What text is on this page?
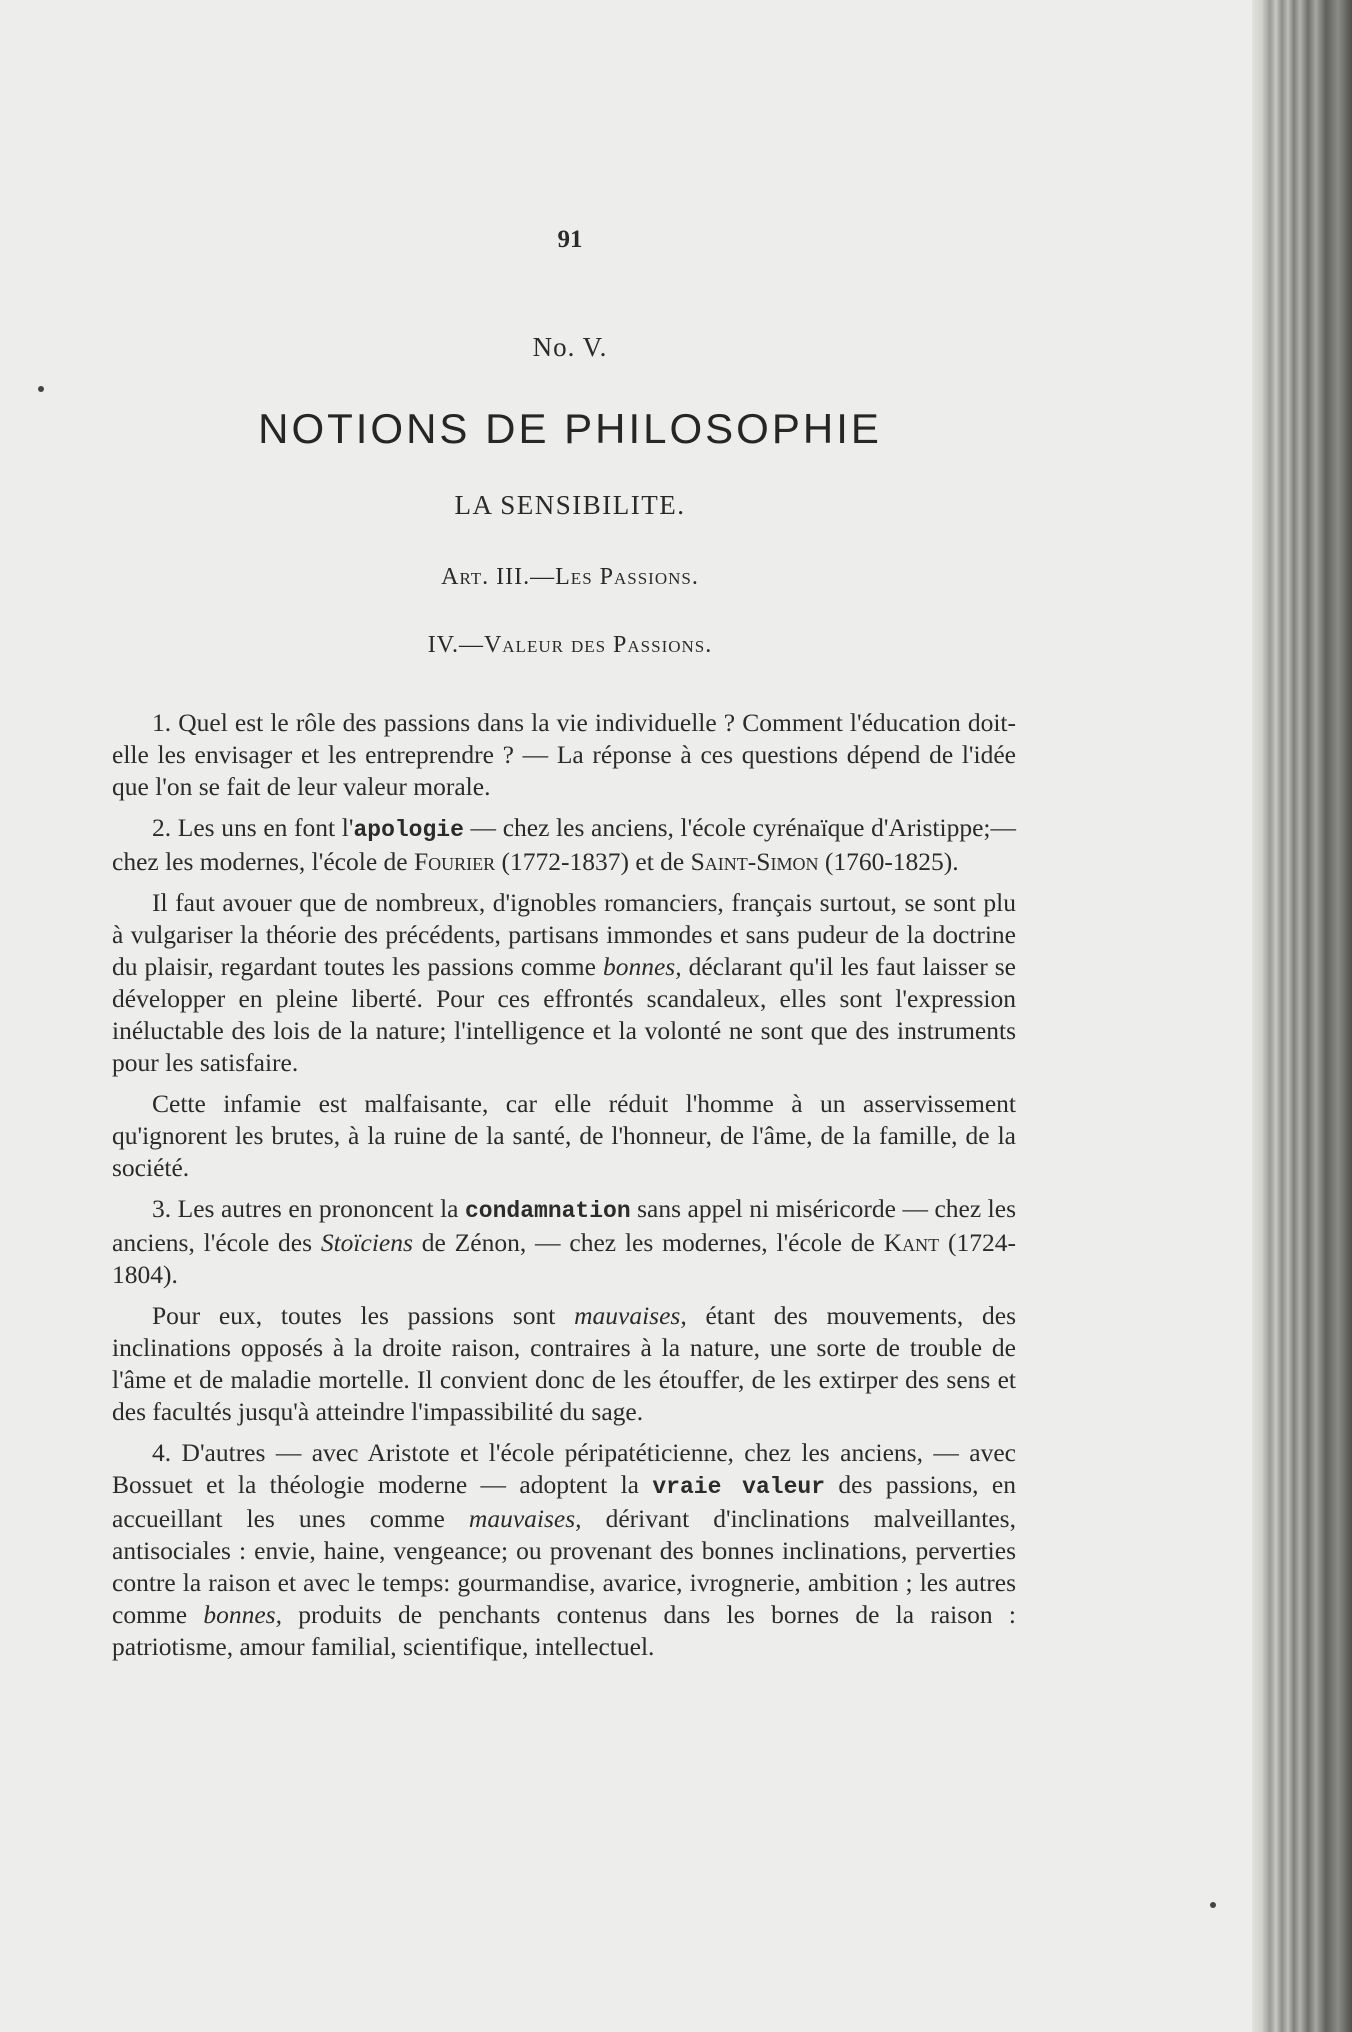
91
No. V.
NOTIONS DE PHILOSOPHIE
LA SENSIBILITE.
Art. III.—Les Passions.
IV.—Valeur des Passions.

1. Quel est le rôle des passions dans la vie individuelle ? Comment l'éducation doit-elle les envisager et les entreprendre ? — La réponse à ces questions dépend de l'idée que l'on se fait de leur valeur morale.

2. Les uns en font l'apologie — chez les anciens, l'école cyrénaïque d'Aristippe;—chez les modernes, l'école de Fourier (1772-1837) et de Saint-Simon (1760-1825).

Il faut avouer que de nombreux, d'ignobles romanciers, français surtout, se sont plu à vulgariser la théorie des précédents, partisans immondes et sans pudeur de la doctrine du plaisir, regardant toutes les passions comme bonnes, déclarant qu'il les faut laisser se développer en pleine liberté. Pour ces effrontés scandaleux, elles sont l'expression inéluctable des lois de la nature; l'intelligence et la volonté ne sont que des instruments pour les satisfaire.

Cette infamie est malfaisante, car elle réduit l'homme à un asservissement qu'ignorent les brutes, à la ruine de la santé, de l'honneur, de l'âme, de la famille, de la société.

3. Les autres en prononcent la condamnation sans appel ni miséricorde — chez les anciens, l'école des Stoïciens de Zénon, — chez les modernes, l'école de Kant (1724-1804).

Pour eux, toutes les passions sont mauvaises, étant des mouvements, des inclinations opposés à la droite raison, contraires à la nature, une sorte de trouble de l'âme et de maladie mortelle. Il convient donc de les étouffer, de les extirper des sens et des facultés jusqu'à atteindre l'impassibilité du sage.

4. D'autres — avec Aristote et l'école péripatéticienne, chez les anciens, — avec Bossuet et la théologie moderne — adoptent la vraie valeur des passions, en accueillant les unes comme mauvaises, dérivant d'inclinations malveillantes, antisociales : envie, haine, vengeance; ou provenant des bonnes inclinations, perverties contre la raison et avec le temps: gourmandise, avarice, ivrognerie, ambition ; les autres comme bonnes, produits de penchants contenus dans les bornes de la raison : patriotisme, amour familial, scientifique, intellectuel.
